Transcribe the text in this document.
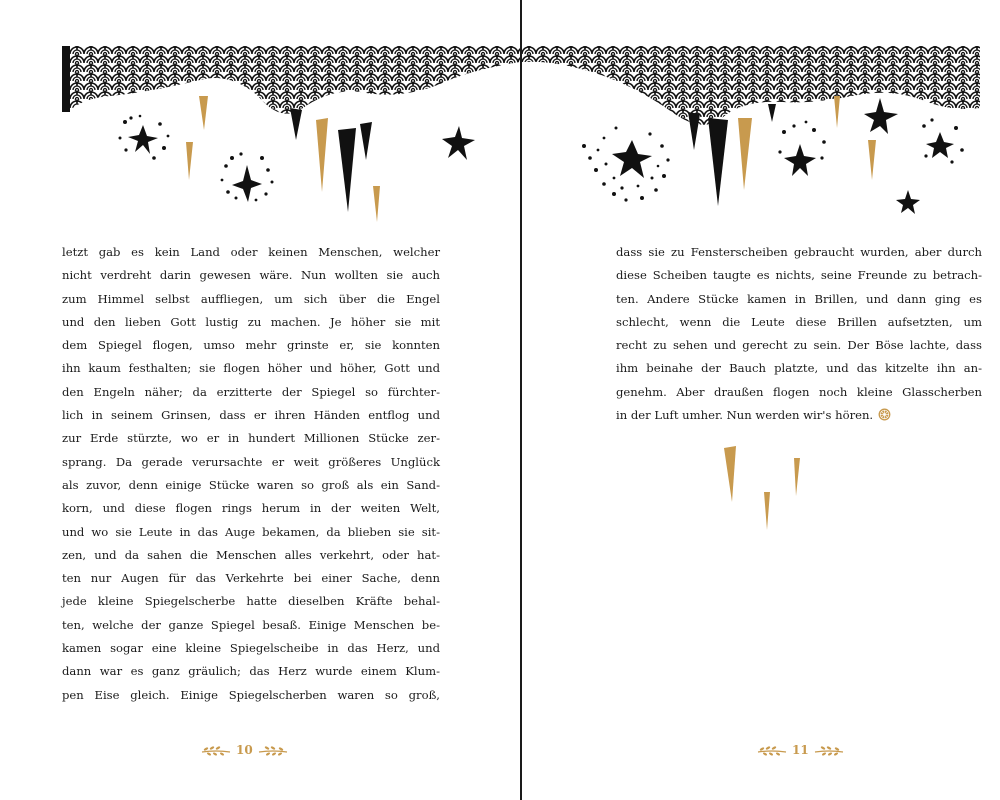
letzt gab es kein Land oder keinen Menschen, welcher
nicht verdreht darin gewesen wäre. Nun wollten sie auch
zum Himmel selbst auffliegen, um sich über die Engel
und den lieben Gott lustig zu machen. Je höher sie mit
dem Spiegel flogen, umso mehr grinste er, sie konnten
ihn kaum festhalten; sie flogen höher und höher, Gott und
den Engeln näher; da erzitterte der Spiegel so fürchter-
lich in seinem Grinsen, dass er ihren Händen entflog und
zur Erde stürzte, wo er in hundert Millionen Stücke zer-
sprang. Da gerade verursachte er weit größeres Unglück
als zuvor, denn einige Stücke waren so groß als ein Sand-
korn, und diese flogen rings herum in der weiten Welt,
und wo sie Leute in das Auge bekamen, da blieben sie sit-
zen, und da sahen die Menschen alles verkehrt, oder hat-
ten nur Augen für das Verkehrte bei einer Sache, denn
jede kleine Spiegelscherbe hatte dieselben Kräfte behal-
ten, welche der ganze Spiegel besaß. Einige Menschen be-
kamen sogar eine kleine Spiegelscheibe in das Herz, und
dann war es ganz gräulich; das Herz wurde einem Klum-
pen Eise gleich. Einige Spiegelscherben waren so groß,
10
dass sie zu Fensterscheiben gebraucht wurden, aber durch
diese Scheiben taugte es nichts, seine Freunde zu betrach-
ten. Andere Stücke kamen in Brillen, und dann ging es
schlecht, wenn die Leute diese Brillen aufsetzten, um
recht zu sehen und gerecht zu sein. Der Böse lachte, dass
ihm beinahe der Bauch platzte, und das kitzelte ihn an-
genehm. Aber draußen flogen noch kleine Glasscherben
in der Luft umher. Nun werden wir's hören.
11
